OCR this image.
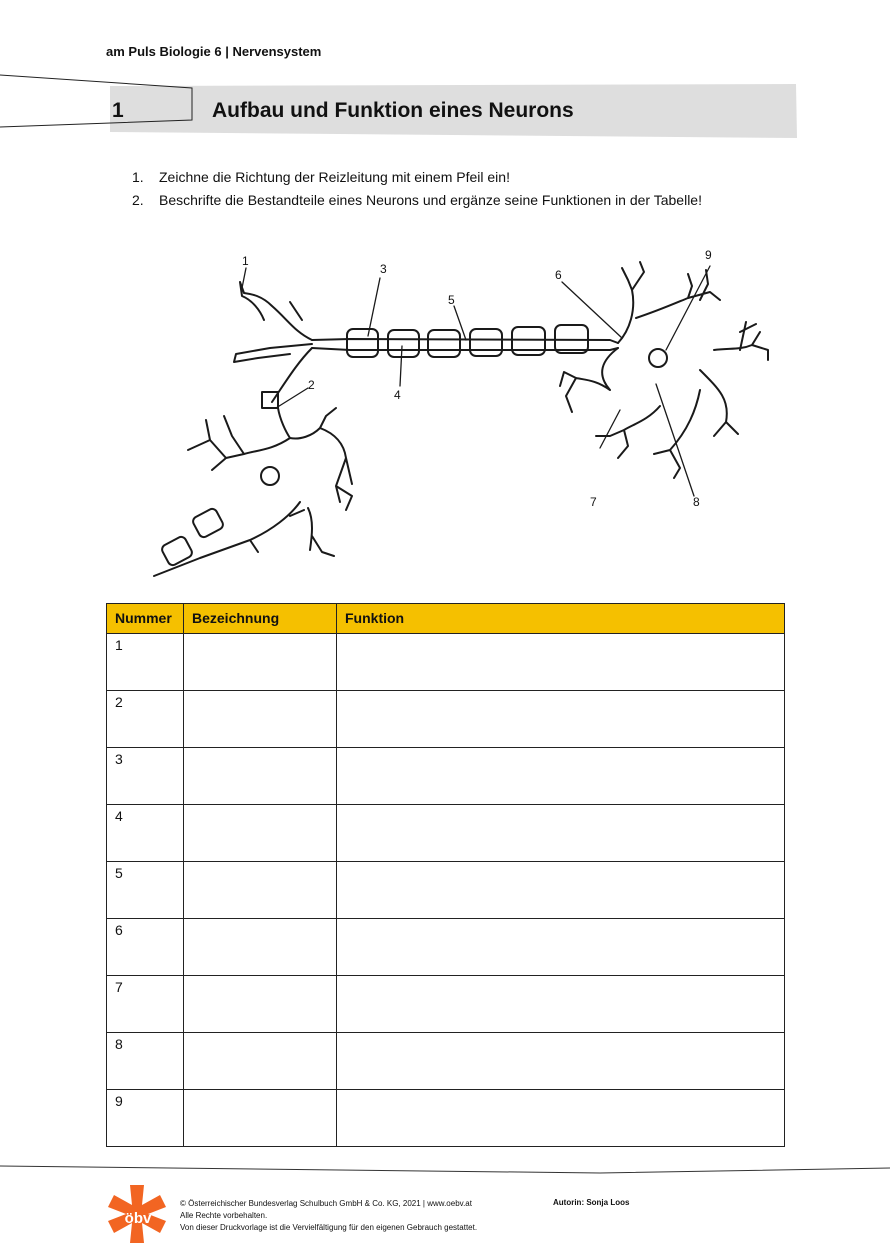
am Puls Biologie 6 | Nervensystem
1	Aufbau und Funktion eines Neurons
1. Zeichne die Richtung der Reizleitung mit einem Pfeil ein!
2. Beschrifte die Bestandteile eines Neurons und ergänze seine Funktionen in der Tabelle!
1
2
3
4
5
6
7	8
9
Nummer	Bezeichnung	Funktion
1		
2		
3		
4		
5		
6		
7		
8		
9		
öbv
© Österreichischer Bundesverlag Schulbuch GmbH & Co. KG, 2021 | www.oebv.at
Alle Rechte vorbehalten.
Von dieser Druckvorlage ist die Vervielfältigung für den eigenen Gebrauch gestattet.
Autorin: Sonja Loos
